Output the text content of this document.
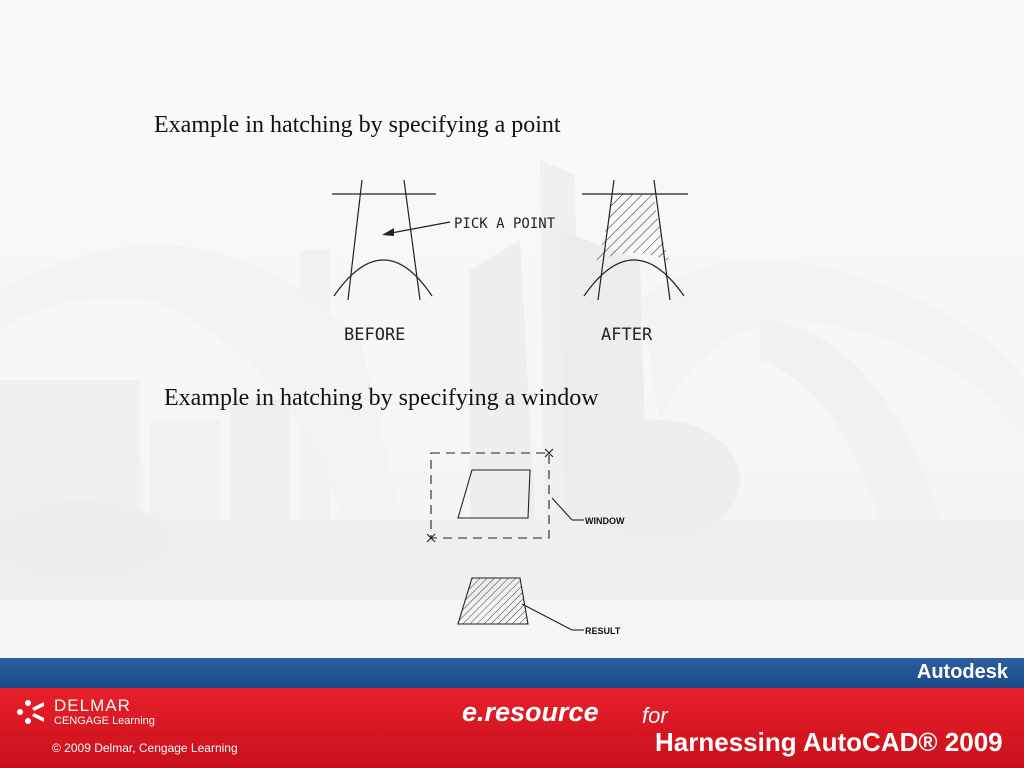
Example in hatching by specifying a point
PICK A POINT
BEFORE	AFTER
Example in hatching by specifying a window
WINDOW
RESULT
Autodesk
DELMAR
CENGAGE Learning
© 2009 Delmar, Cengage Learning
e.resource for
Harnessing AutoCAD® 2009
